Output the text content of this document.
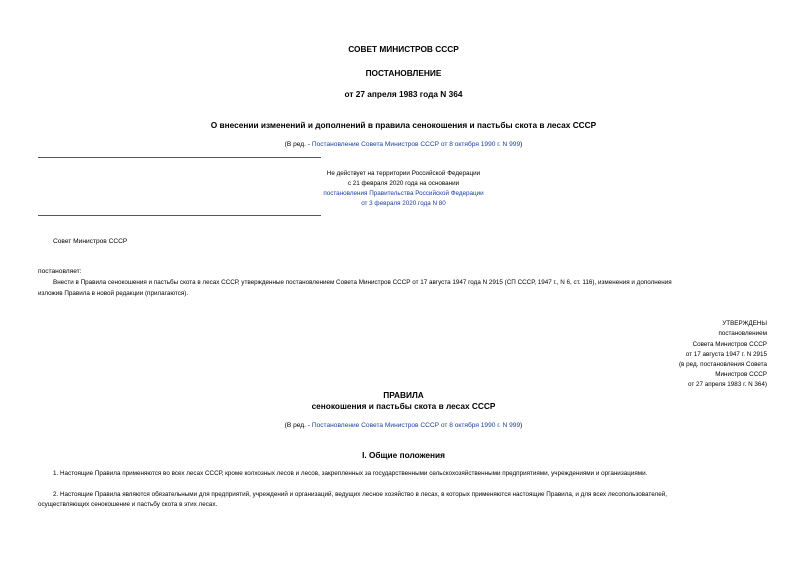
СОВЕТ МИНИСТРОВ СССР
ПОСТАНОВЛЕНИЕ
от 27 апреля 1983 года N 364
О внесении изменений и дополнений в правила сенокошения и пастьбы скота в лесах СССР
(В ред. - Постановление Совета Министров СССР от 8 октября 1990 г. N 999)
Не действует на территории Российской Федерации
с 21 февраля 2020 года на основании
постановления Правительства Российской Федерации
от 3 февраля 2020 года N 80
Совет Министров СССР
постановляет:
Внести в Правила сенокошения и пастьбы скота в лесах СССР, утвержденные постановлением Совета Министров СССР от 17 августа 1947 года N 2915 (СП СССР, 1947 г., N 6, ст. 116), изменения и дополнения
изложив Правила в новой редакции (прилагаются).
УТВЕРЖДЕНЫ
постановлением
Совета Министров СССР
от 17 августа 1947 г. N 2915
(в ред. постановления Совета
Министров СССР
от 27 апреля 1983 г. N 364)
ПРАВИЛА
сенокошения и пастьбы скота в лесах СССР
(В ред. - Постановление Совета Министров СССР от 8 октября 1990 г. N 999)
I. Общие положения
1. Настоящие Правила применяются во всех лесах СССР, кроме колхозных лесов и лесов, закрепленных за государственными сельскохозяйственными предприятиями, учреждениями и организациями.
2. Настоящие Правила являются обязательными для предприятий, учреждений и организаций, ведущих лесное хозяйство в лесах, в которых применяются настоящие Правила, и для всех лесопользователей,
осуществляющих сенокошение и пастьбу скота в этих лесах.
